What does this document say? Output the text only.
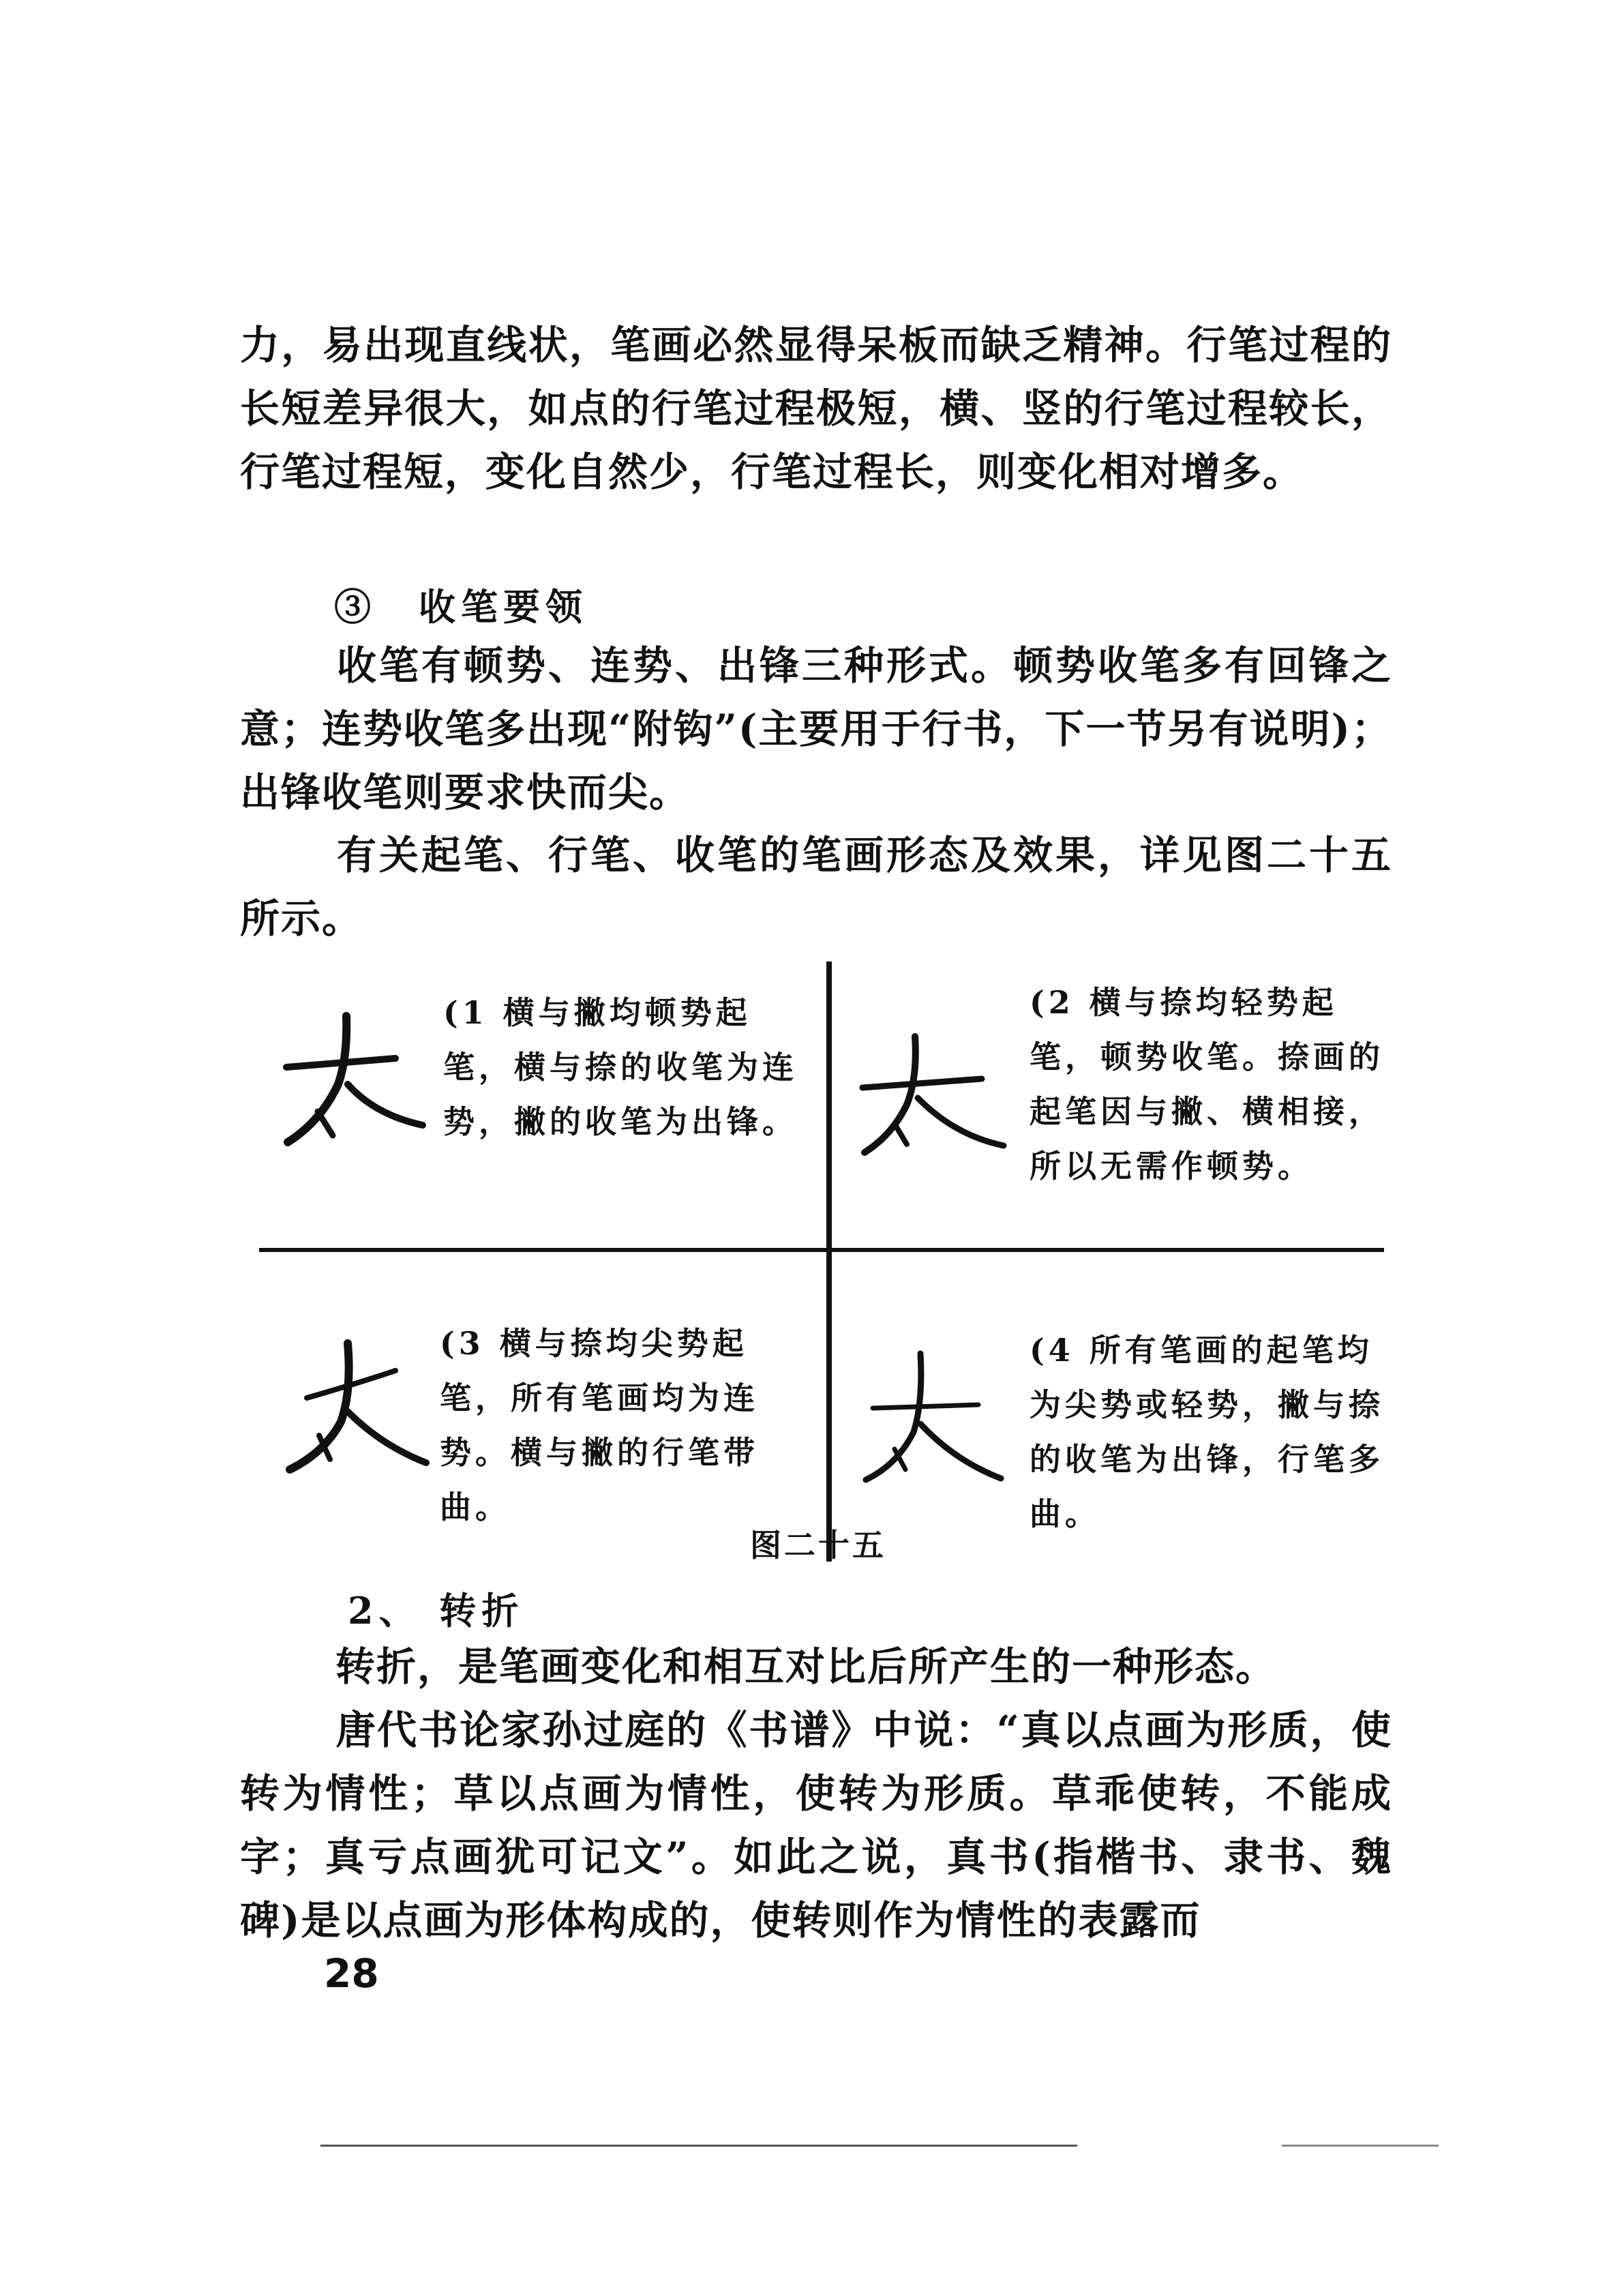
力，易出现直线状，笔画必然显得呆板而缺乏精神。行笔过程的长短差异很大，如点的行笔过程极短，横、竖的行笔过程较长，行笔过程短，变化自然少，行笔过程长，则变化相对增多。

③　收笔要领

收笔有顿势、连势、出锋三种形式。顿势收笔多有回锋之意；连势收笔多出现“附钩”(主要用于行书，下一节另有说明)；出锋收笔则要求快而尖。

有关起笔、行笔、收笔的笔画形态及效果，详见图二十五所示。

(1 横与撇均顿势起笔，横与捺的收笔为连势，撇的收笔为出锋。

(2 横与捺均轻势起笔，顿势收笔。捺画的起笔因与撇、横相接，所以无需作顿势。

(3 横与捺均尖势起笔，所有笔画均为连势。横与撇的行笔带曲。

(4 所有笔画的起笔均为尖势或轻势，撇与捺的收笔为出锋，行笔多曲。

图二十五

2、 转折

转折，是笔画变化和相互对比后所产生的一种形态。

唐代书论家孙过庭的《书谱》中说：“真以点画为形质，使转为情性；草以点画为情性，使转为形质。草乖使转，不能成字；真亏点画犹可记文”。如此之说，真书(指楷书、隶书、魏碑)是以点画为形体构成的，使转则作为情性的表露而

28
